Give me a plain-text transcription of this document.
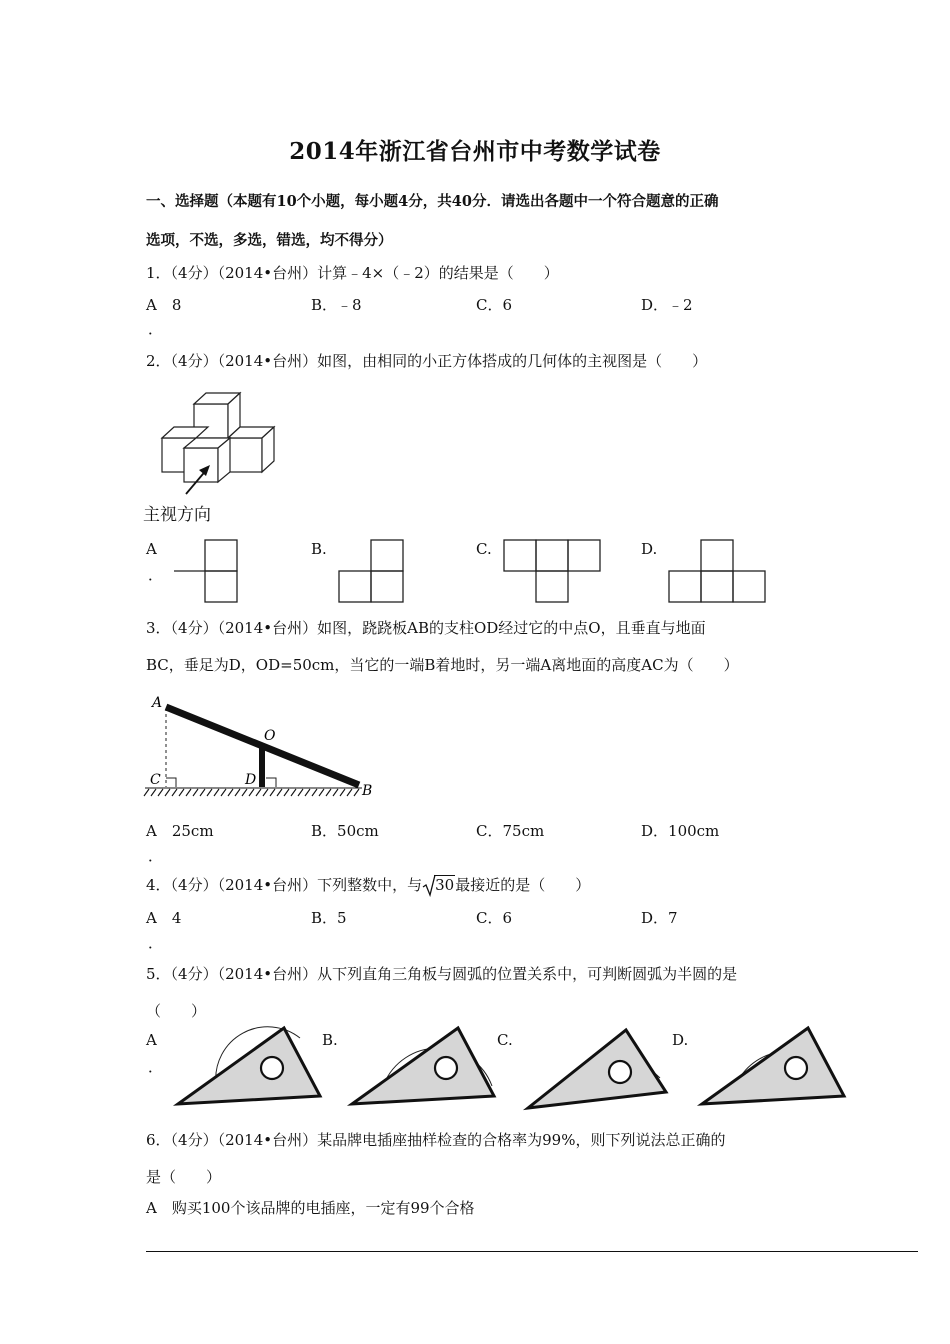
2014年浙江省台州市中考数学试卷
一、选择题（本题有10个小题，每小题4分，共40分．请选出各题中一个符合题意的正确
选项，不选，多选，错选，均不得分）
1．（4分）（2014•台州）计算﹣4×（﹣2）的结果是（　　）
A　8	B．﹣8	C．6	D．﹣2
．
2．（4分）（2014•台州）如图，由相同的小正方体搭成的几何体的主视图是（　　）
主视方向
A
．
B.	C.	D.
3．（4分）（2014•台州）如图，跷跷板AB的支柱OD经过它的中点O，且垂直与地面
BC，垂足为D，OD=50cm，当它的一端B着地时，另一端A离地面的高度AC为（　　）
A
O
C	D
B
A　25cm	B．50cm	C．75cm	D．100cm
．
4．（4分）（2014•台州）下列整数中，与 30最接近的是（　　）
A　4	B．5	C．6	D．7
．
5．（4分）（2014•台州）从下列直角三角板与圆弧的位置关系中，可判断圆弧为半圆的是
（　　）
A
．
B.	C.	D.
6．（4分）（2014•台州）某品牌电插座抽样检查的合格率为99%，则下列说法总正确的
是（　　）
A　购买100个该品牌的电插座，一定有99个合格
